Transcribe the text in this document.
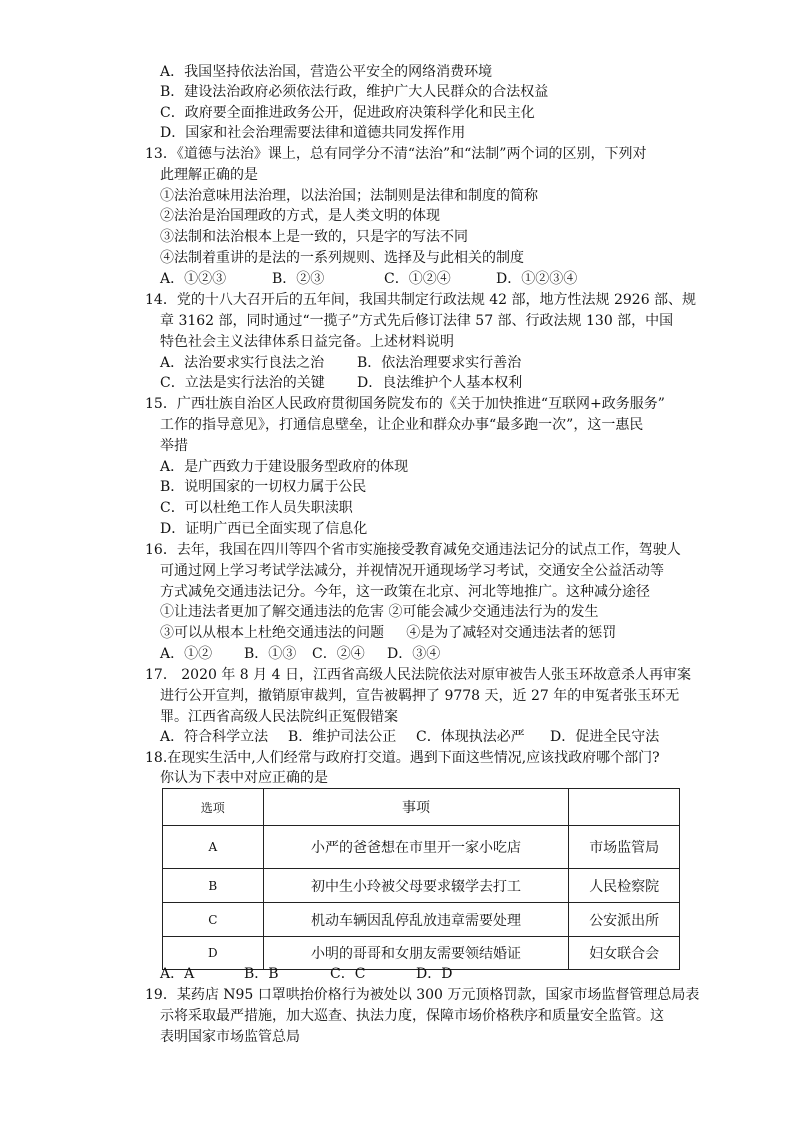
A．我国坚持依法治国，营造公平安全的网络消费环境
B．建设法治政府必须依法行政，维护广大人民群众的合法权益
C．政府要全面推进政务公开，促进政府决策科学化和民主化
D．国家和社会治理需要法律和道德共同发挥作用
13．《道德与法治》课上，总有同学分不清“法治”和“法制”两个词的区别，下列对
此理解正确的是
①法治意味用法治理，以法治国；法制则是法律和制度的简称
②法治是治国理政的方式，是人类文明的体现
③法制和法治根本上是一致的，只是字的写法不同
④法制着重讲的是法的一系列规则、选择及与此相关的制度
A．①②③	B．②③	C．①②④	D．①②③④
14．党的十八大召开后的五年间，我国共制定行政法规 42 部，地方性法规 2926 部、规
章 3162 部，同时通过“一揽子”方式先后修订法律 57 部、行政法规 130 部，中国
特色社会主义法律体系日益完备。上述材料说明
A．法治要求实行良法之治 B．依法治理要求实行善治
C．立法是实行法治的关键 D．良法维护个人基本权利
15．广西壮族自治区人民政府贯彻国务院发布的《关于加快推进“互联网+政务服务”
工作的指导意见》，打通信息壁垒，让企业和群众办事“最多跑一次”，这一惠民
举措
A．是广西致力于建设服务型政府的体现
B．说明国家的一切权力属于公民
C．可以杜绝工作人员失职渎职
D．证明广西已全面实现了信息化
16．去年，我国在四川等四个省市实施接受教育减免交通违法记分的试点工作，驾驶人
可通过网上学习考试学法减分，并视情况开通现场学习考试，交通安全公益活动等
方式减免交通违法记分。今年，这一政策在北京、河北等地推广。这种减分途径
①让违法者更加了解交通违法的危害 ②可能会减少交通违法行为的发生
③可以从根本上杜绝交通违法的问题     ④是为了减轻对交通违法者的惩罚
A．①② B．①③ C．②④ D．③④
17． 2020 年 8 月 4 日，江西省高级人民法院依法对原审被告人张玉环故意杀人再审案
进行公开宣判，撤销原审裁判，宣告被羁押了 9778 天，近 27 年的申冤者张玉环无
罪。江西省高级人民法院纠正冤假错案
A．符合科学立法 B．维护司法公正 C．体现执法必严 D．促进全民守法
18.在现实生活中,人们经常与政府打交道。遇到下面这些情况,应该找政府哪个部门?
你认为下表中对应正确的是
选项	事项	
A	小严的爸爸想在市里开一家小吃店	市场监管局
B	初中生小玲被父母要求辍学去打工	人民检察院
C	机动车辆因乱停乱放违章需要处理	公安派出所
D	小明的哥哥和女朋友需要领结婚证	妇女联合会
A．A	B．B	C．C	D．D
19．某药店 N95 口罩哄抬价格行为被处以 300 万元顶格罚款，国家市场监督管理总局表
示将采取最严措施，加大巡查、执法力度，保障市场价格秩序和质量安全监管。这
表明国家市场监管总局
